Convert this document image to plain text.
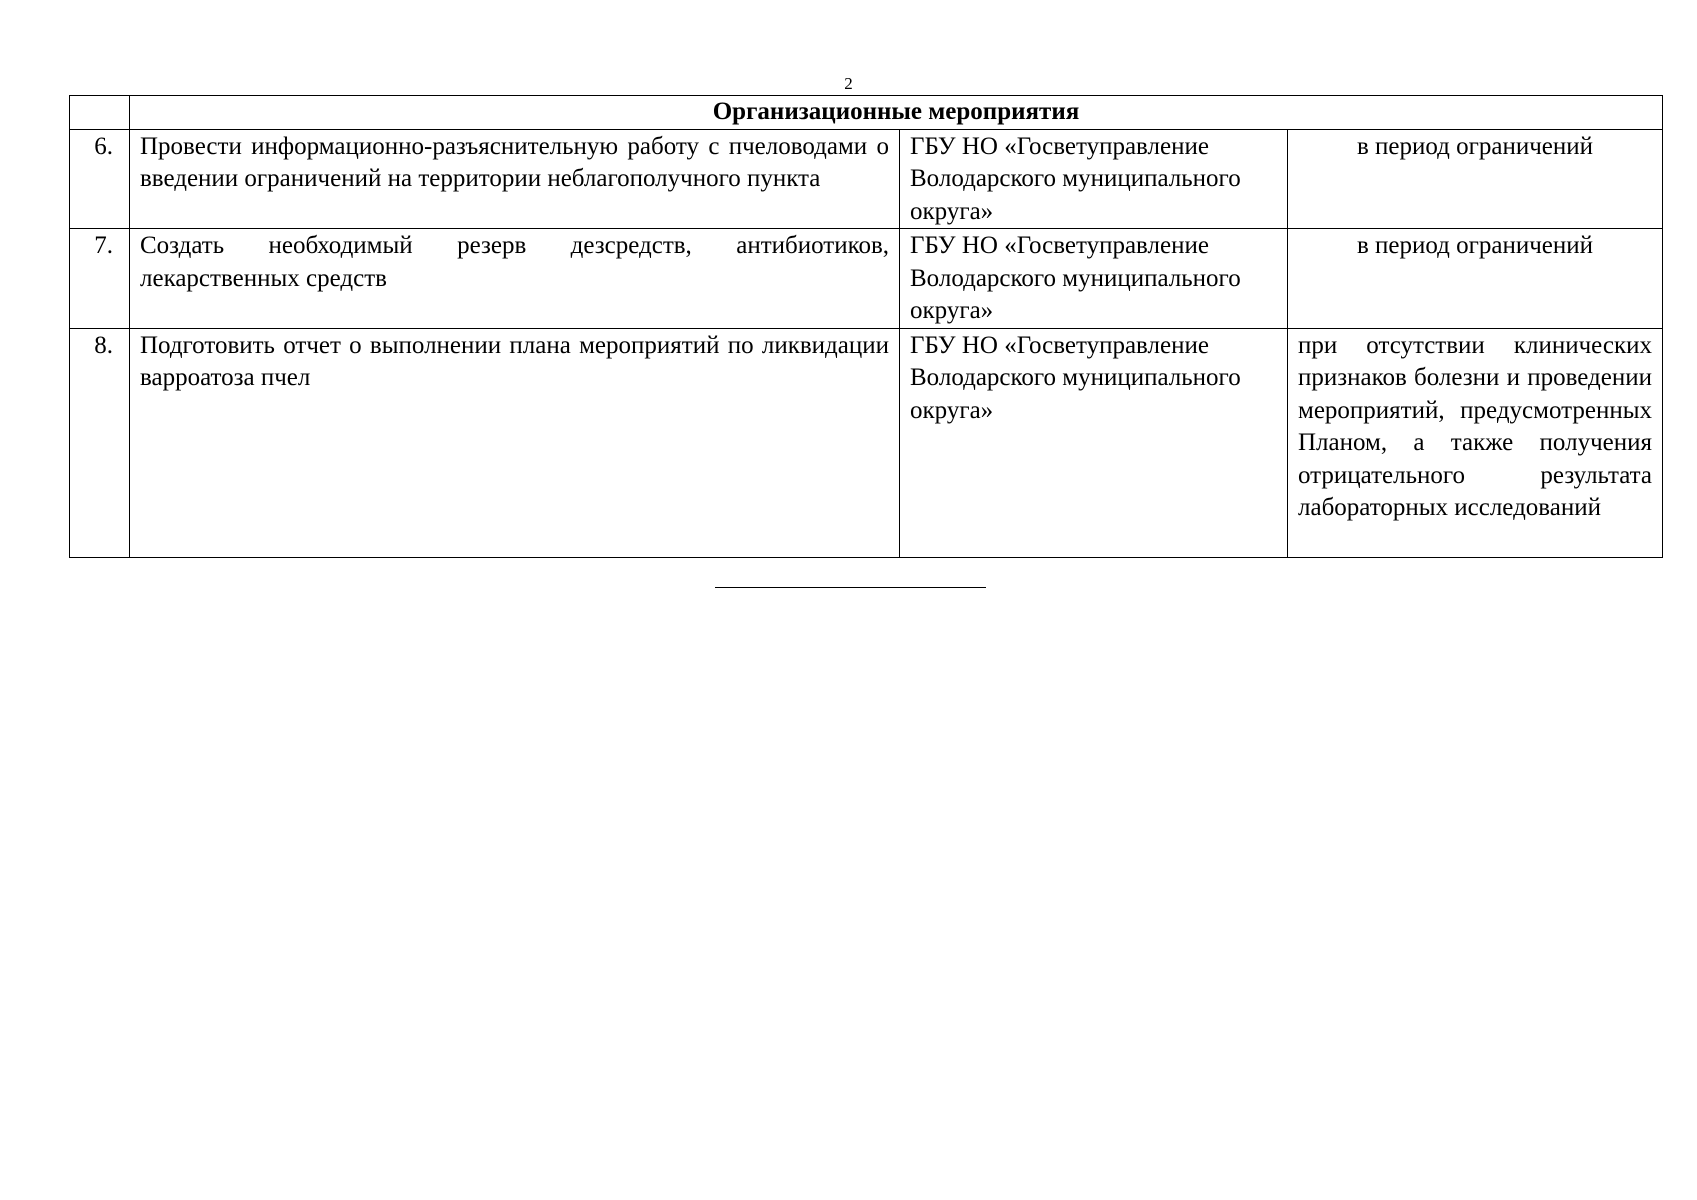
2
	Организационные мероприятия		
6.	Провести информационно-разъяснительную работу с пчеловодами о введении ограничений на территории неблагополучного пункта	ГБУ НО «Госветуправление Володарского муниципального округа»	в период ограничений
7.	Создать необходимый резерв дезсредств, антибиотиков, лекарственных средств	ГБУ НО «Госветуправление Володарского муниципального округа»	в период ограничений
8.	Подготовить отчет о выполнении плана мероприятий по ликвидации варроатоза пчел	ГБУ НО «Госветуправление Володарского муниципального округа»	при отсутствии клинических признаков болезни и проведении мероприятий, предусмотренных Планом, а также получения отрицательного результата лабораторных исследований
